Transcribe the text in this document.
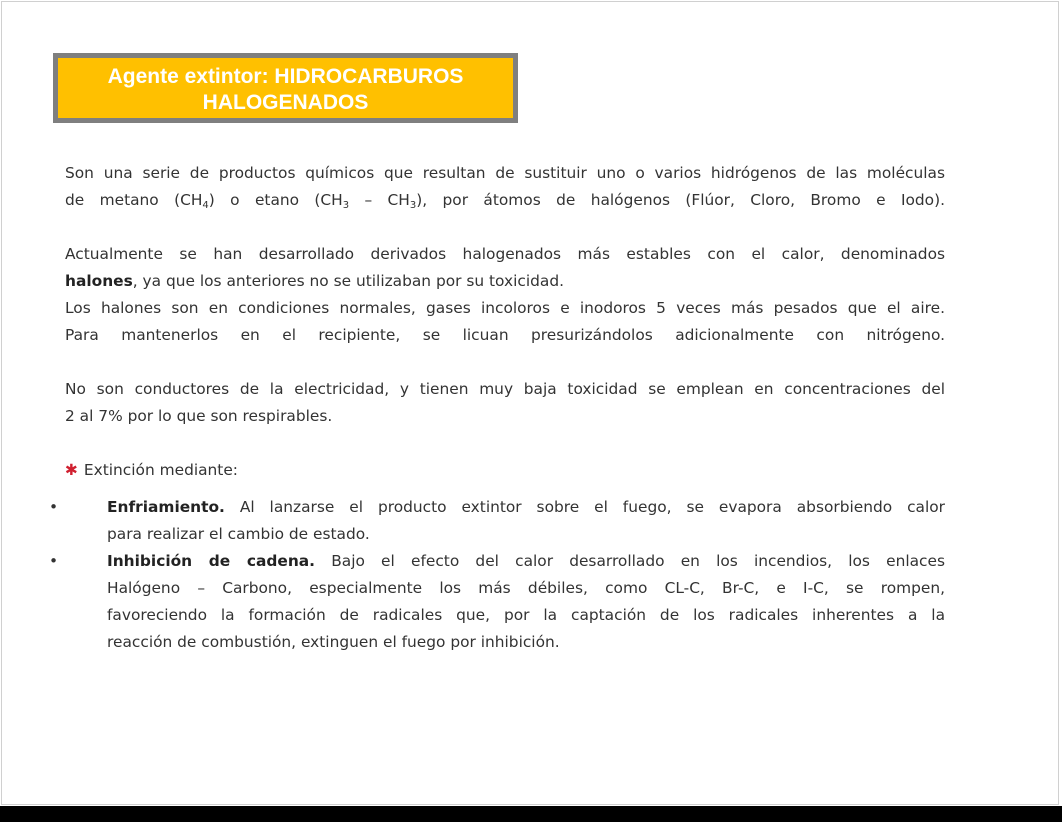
Agente extintor: HIDROCARBUROS
HALOGENADOS
Son una serie de productos químicos que resultan de sustituir uno o varios hidrógenos de las moléculas
de metano $(CH_4)$ o etano $(CH_3 - CH_3)$, por átomos de halógenos (Flúor, Cloro, Bromo e Iodo).
Actualmente se han desarrollado derivados halogenados más estables con el calor, denominados
halones, ya que los anteriores no se utilizaban por su toxicidad.
Los halones son en condiciones normales, gases incoloros e inodoros 5 veces más pesados que el aire.
Para mantenerlos en el recipiente, se licuan presurizándolos adicionalmente con nitrógeno.
No son conductores de la electricidad, y tienen muy baja toxicidad se emplean en concentraciones del
2 al 7% por lo que son respirables.
✱ Extinción mediante:
•	Enfriamiento. Al lanzarse el producto extintor sobre el fuego, se evapora absorbiendo calor
para realizar el cambio de estado.
•	Inhibición de cadena. Bajo el efecto del calor desarrollado en los incendios, los enlaces
Halógeno – Carbono, especialmente los más débiles, como CL-C, Br-C, e I-C, se rompen,
favoreciendo la formación de radicales que, por la captación de los radicales inherentes a la
reacción de combustión, extinguen el fuego por inhibición.
